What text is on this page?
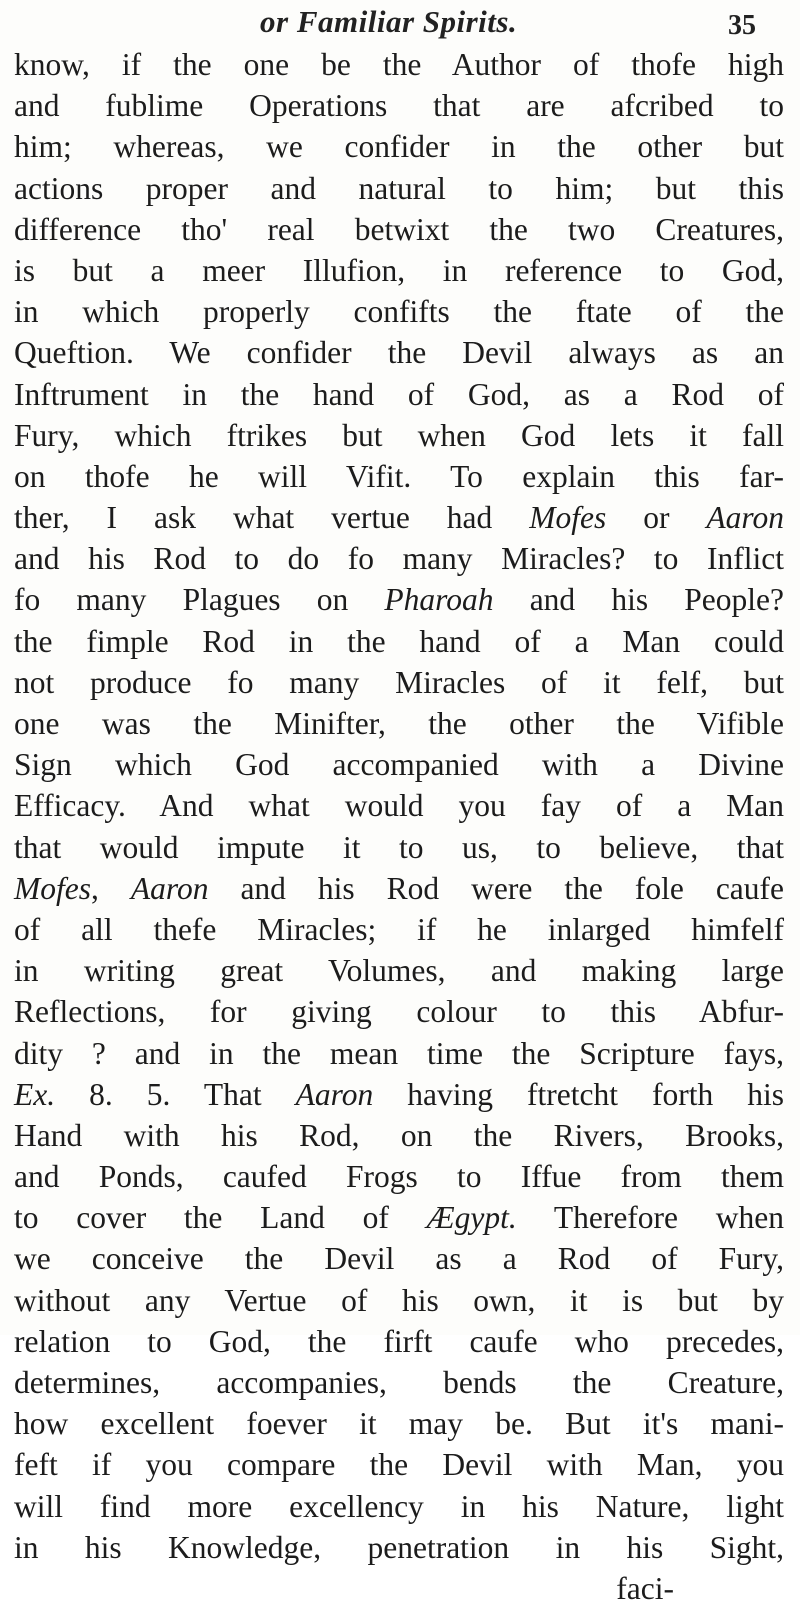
or Familiar Spirits.	35
know, if the one be the Author of thofe high
and fublime Operations that are afcribed to
him; whereas, we confider in the other but
actions proper and natural to him; but this
difference tho' real betwixt the two Creatures,
is but a meer Illufion, in reference to God,
in which properly confifts the ftate of the
Queftion. We confider the Devil always as an
Inftrument in the hand of God, as a Rod of
Fury, which ftrikes but when God lets it fall
on thofe he will Vifit. To explain this far-
ther, I ask what vertue had Mofes or Aaron
and his Rod to do fo many Miracles? to Inflict
fo many Plagues on Pharoah and his People?
the fimple Rod in the hand of a Man could
not produce fo many Miracles of it felf, but
one was the Minifter, the other the Vifible
Sign which God accompanied with a Divine
Efficacy. And what would you fay of a Man
that would impute it to us, to believe, that
Mofes, Aaron and his Rod were the fole caufe
of all thefe Miracles; if he inlarged himfelf
in writing great Volumes, and making large
Reflections, for giving colour to this Abfur-
dity ? and in the mean time the Scripture fays,
Ex. 8. 5. That Aaron having ftretcht forth his
Hand with his Rod, on the Rivers, Brooks,
and Ponds, caufed Frogs to Iffue from them
to cover the Land of Ægypt. Therefore when
we conceive the Devil as a Rod of Fury,
without any Vertue of his own, it is but by
relation to God, the firft caufe who precedes,
determines, accompanies, bends the Creature,
how excellent foever it may be. But it's mani-
feft if you compare the Devil with Man, you
will find more excellency in his Nature, light
in his Knowledge, penetration in his Sight,
faci-
